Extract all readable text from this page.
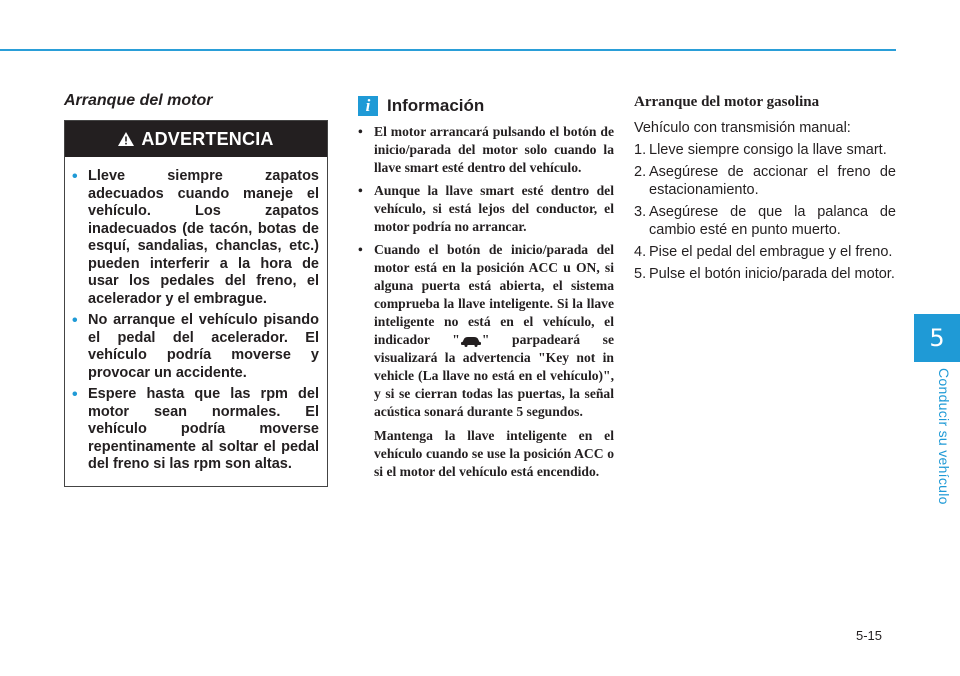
5
Conducir su vehículo
Arranque del motor
ADVERTENCIA
• Lleve siempre zapatos adecuados cuando maneje el vehículo. Los zapatos inadecuados (de tacón, botas de esquí, sandalias, chanclas, etc.) pueden interferir a la hora de usar los pedales del freno, el acelerador y el embrague.
• No arranque el vehículo pisando el pedal del acelerador. El vehículo podría moverse y provocar un accidente.
• Espere hasta que las rpm del motor sean normales. El vehículo podría moverse repentinamente al soltar el pedal del freno si las rpm son altas.
i Información
• El motor arrancará pulsando el botón de inicio/parada del motor solo cuando la llave smart esté dentro del vehículo.
• Aunque la llave smart esté dentro del vehículo, si está lejos del conductor, el motor podría no arrancar.
• Cuando el botón de inicio/parada del motor está en la posición ACC u ON, si alguna puerta está abierta, el sistema comprueba la llave inteligente. Si la llave inteligente no está en el vehículo, el indicador " " parpadeará se visualizará la advertencia "Key not in vehicle (La llave no está en el vehículo)", y si se cierran todas las puertas, la señal acústica sonará durante 5 segundos.
Mantenga la llave inteligente en el vehículo cuando se use la posición ACC o si el motor del vehículo está encendido.
Arranque del motor gasolina
Vehículo con transmisión manual:
1. Lleve siempre consigo la llave smart.
2. Asegúrese de accionar el freno de estacionamiento.
3. Asegúrese de que la palanca de cambio esté en punto muerto.
4. Pise el pedal del embrague y el freno.
5. Pulse el botón inicio/parada del motor.
5-15
